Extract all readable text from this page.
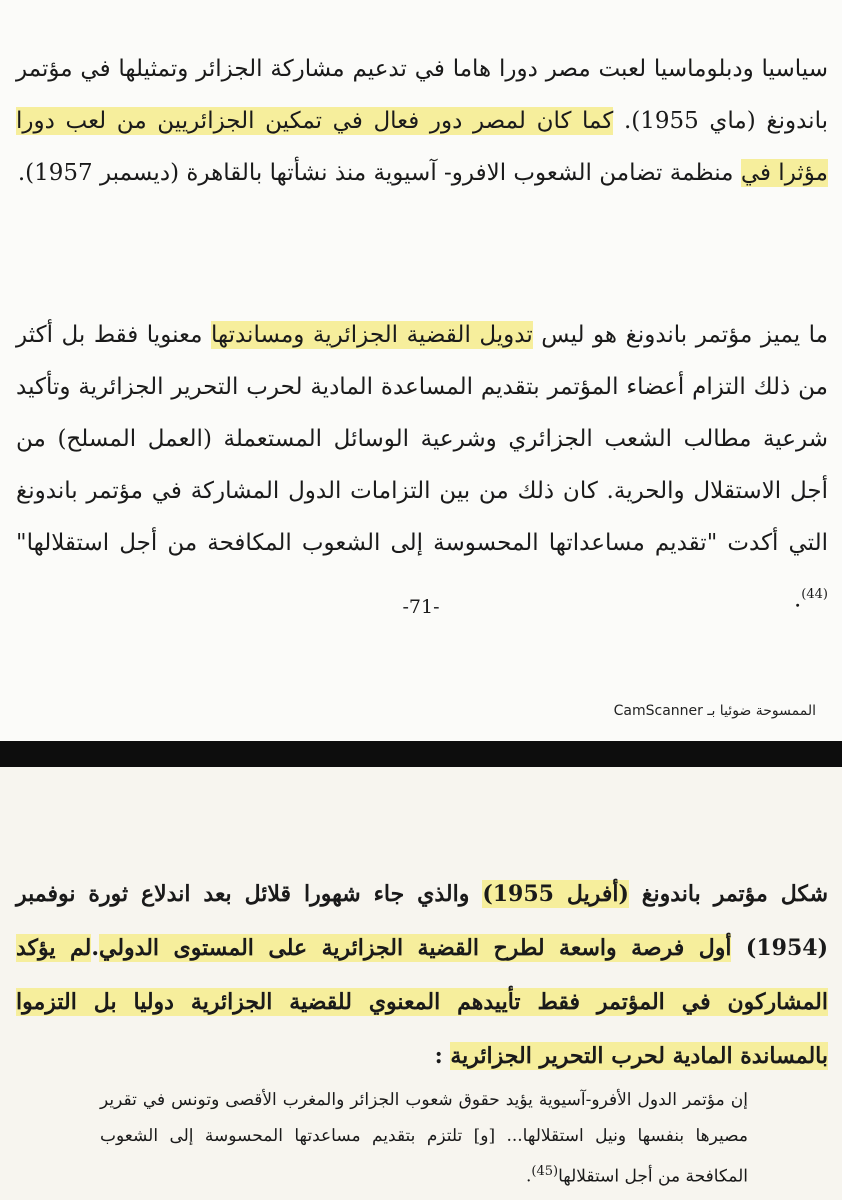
سياسيا ودبلوماسيا لعبت مصر دورا هاما في تدعيم مشاركة الجزائر وتمثيلها في مؤتمر باندونغ (ماي 1955). كما كان لمصر دور فعال في تمكين الجزائريين من لعب دورا مؤثرا في منظمة تضامن الشعوب الافرو- آسيوية منذ نشأتها بالقاهرة (ديسمبر 1957).

ما يميز مؤتمر باندونغ هو ليس تدويل القضية الجزائرية ومساندتها معنويا فقط بل أكثر من ذلك التزام أعضاء المؤتمر بتقديم المساعدة المادية لحرب التحرير الجزائرية وتأكيد شرعية مطالب الشعب الجزائري وشرعية الوسائل المستعملة (العمل المسلح) من أجل الاستقلال والحرية. كان ذلك من بين التزامات الدول المشاركة في مؤتمر باندونغ التي أكدت "تقديم مساعداتها المحسوسة إلى الشعوب المكافحة من أجل استقلالها"$^{(44)}$.

-71-
الممسوحة ضوئيا بـ CamScanner

شكل مؤتمر باندونغ (أفريل 1955) والذي جاء شهورا قلائل بعد اندلاع ثورة نوفمبر (1954) أول فرصة واسعة لطرح القضية الجزائرية على المستوى الدولي.لم يؤكد المشاركون في المؤتمر فقط تأييدهم المعنوي للقضية الجزائرية دوليا بل التزموا بالمساندة المادية لحرب التحرير الجزائرية :

إن مؤتمر الدول الأفرو-آسيوية يؤيد حقوق شعوب الجزائر والمغرب الأقصى وتونس في تقرير مصيرها بنفسها ونيل استقلالها... [و] تلتزم بتقديم مساعدتها المحسوسة إلى الشعوب المكافحة من أجل استقلالها$^{(45)}$.
